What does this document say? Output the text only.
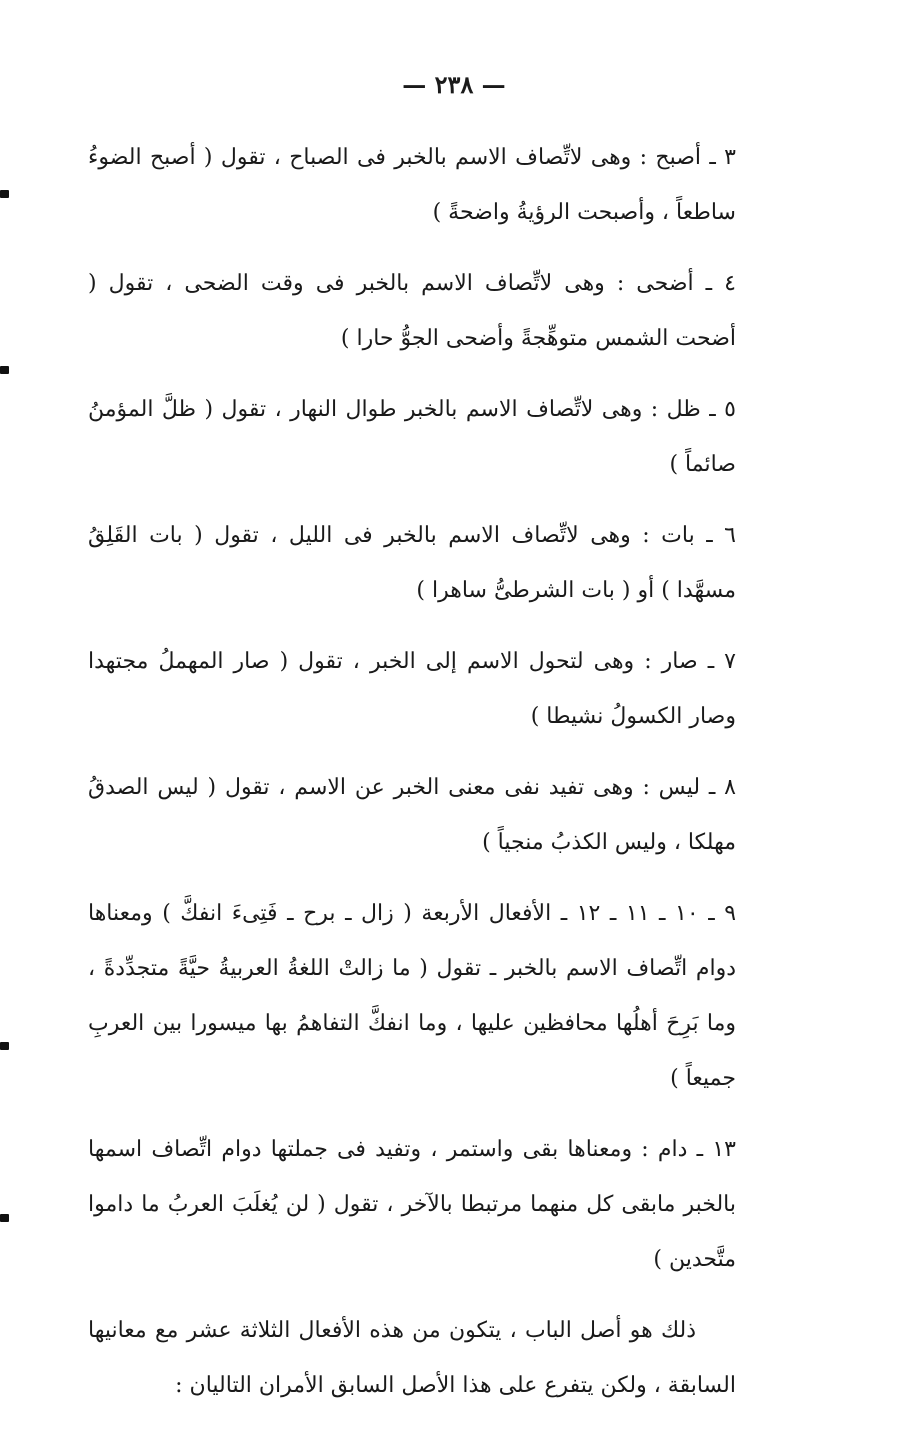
— ٢٣٨ —

٣ ـ أصبح : وهى لاتِّصاف الاسم بالخبر فى الصباح ، تقول ( أصبح الضوءُ ساطعاً ، وأصبحت الرؤيةُ واضحةً )

٤ ـ أضحى : وهى لاتِّصاف الاسم بالخبر فى وقت الضحى ، تقول ( أضحت الشمس متوهِّجةً وأضحى الجوُّ حارا )

٥ ـ ظل : وهى لاتِّصاف الاسم بالخبر طوال النهار ، تقول ( ظلَّ المؤمنُ صائماً )

٦ ـ بات : وهى لاتِّصاف الاسم بالخبر فى الليل ، تقول ( بات القَلِقُ مسهَّدا ) أو ( بات الشرطىُّ ساهرا )

٧ ـ صار : وهى لتحول الاسم إلى الخبر ، تقول ( صار المهملُ مجتهدا وصار الكسولُ نشيطا )

٨ ـ ليس : وهى تفيد نفى معنى الخبر عن الاسم ، تقول ( ليس الصدقُ مهلكا ، وليس الكذبُ منجياً )

٩ ـ ١٠ ـ ١١ ـ ١٢ ـ الأفعال الأربعة ( زال ـ برح ـ فَتِىءَ انفكَّ ) ومعناها دوام اتِّصاف الاسم بالخبر ـ تقول ( ما زالتْ اللغةُ العربيةُ حيَّةً متجدِّدةً ، وما بَرِحَ أهلُها محافظين عليها ، وما انفكَّ التفاهمُ بها ميسورا بين العربِ جميعاً )

١٣ ـ دام : ومعناها بقى واستمر ، وتفيد فى جملتها دوام اتِّصاف اسمها بالخبر مابقى كل منهما مرتبطا بالآخر ، تقول ( لن يُغلَبَ العربُ ما داموا متَّحدين )

ذلك هو أصل الباب ، يتكون من هذه الأفعال الثلاثة عشر مع معانيها السابقة ، ولكن يتفرع على هذا الأصل السابق الأمران التاليان :
